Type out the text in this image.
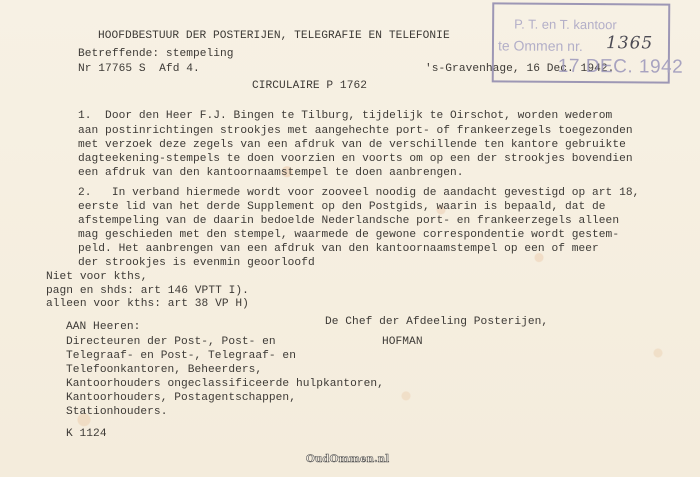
HOOFDBESTUUR DER POSTERIJEN, TELEGRAFIE EN TELEFONIE
Betreffende: stempeling
Nr 17765 S  Afd 4.	's-Gravenhage, 16 Dec. 1942.
CIRCULAIRE P 1762
P. T. en T. kantoor
te Ommen nr. 1365
17 DEC. 1942
1.  Door den Heer F.J. Bingen te Tilburg, tijdelijk te Oirschot, worden wederom
aan postinrichtingen strookjes met aangehechte port- of frankeerzegels toegezonden
met verzoek deze zegels van een afdruk van de verschillende ten kantore gebruikte
dagteekening-stempels te doen voorzien en voorts om op een der strookjes bovendien
een afdruk van den kantoornaamstempel te doen aanbrengen.
2.   In verband hiermede wordt voor zooveel noodig de aandacht gevestigd op art 18,
eerste lid van het derde Supplement op den Postgids, waarin is bepaald, dat de
afstempeling van de daarin bedoelde Nederlandsche port- en frankeerzegels alleen
mag geschieden met den stempel, waarmede de gewone correspondentie wordt gestem-
peld. Het aanbrengen van een afdruk van den kantoornaamstempel op een of meer
der strookjes is evenmin geoorloofd
Niet voor kths,
pagn en shds: art 146 VPTT I).
alleen voor kths: art 38 VP H)
De Chef der Afdeeling Posterijen,
HOFMAN
AAN Heeren:
Directeuren der Post-, Post- en
Telegraaf- en Post-, Telegraaf- en
Telefoonkantoren, Beheerders,
Kantoorhouders ongeclassificeerde hulpkantoren,
Kantoorhouders, Postagentschappen,
Stationhouders.
K 1124
OudOmmen.nl
